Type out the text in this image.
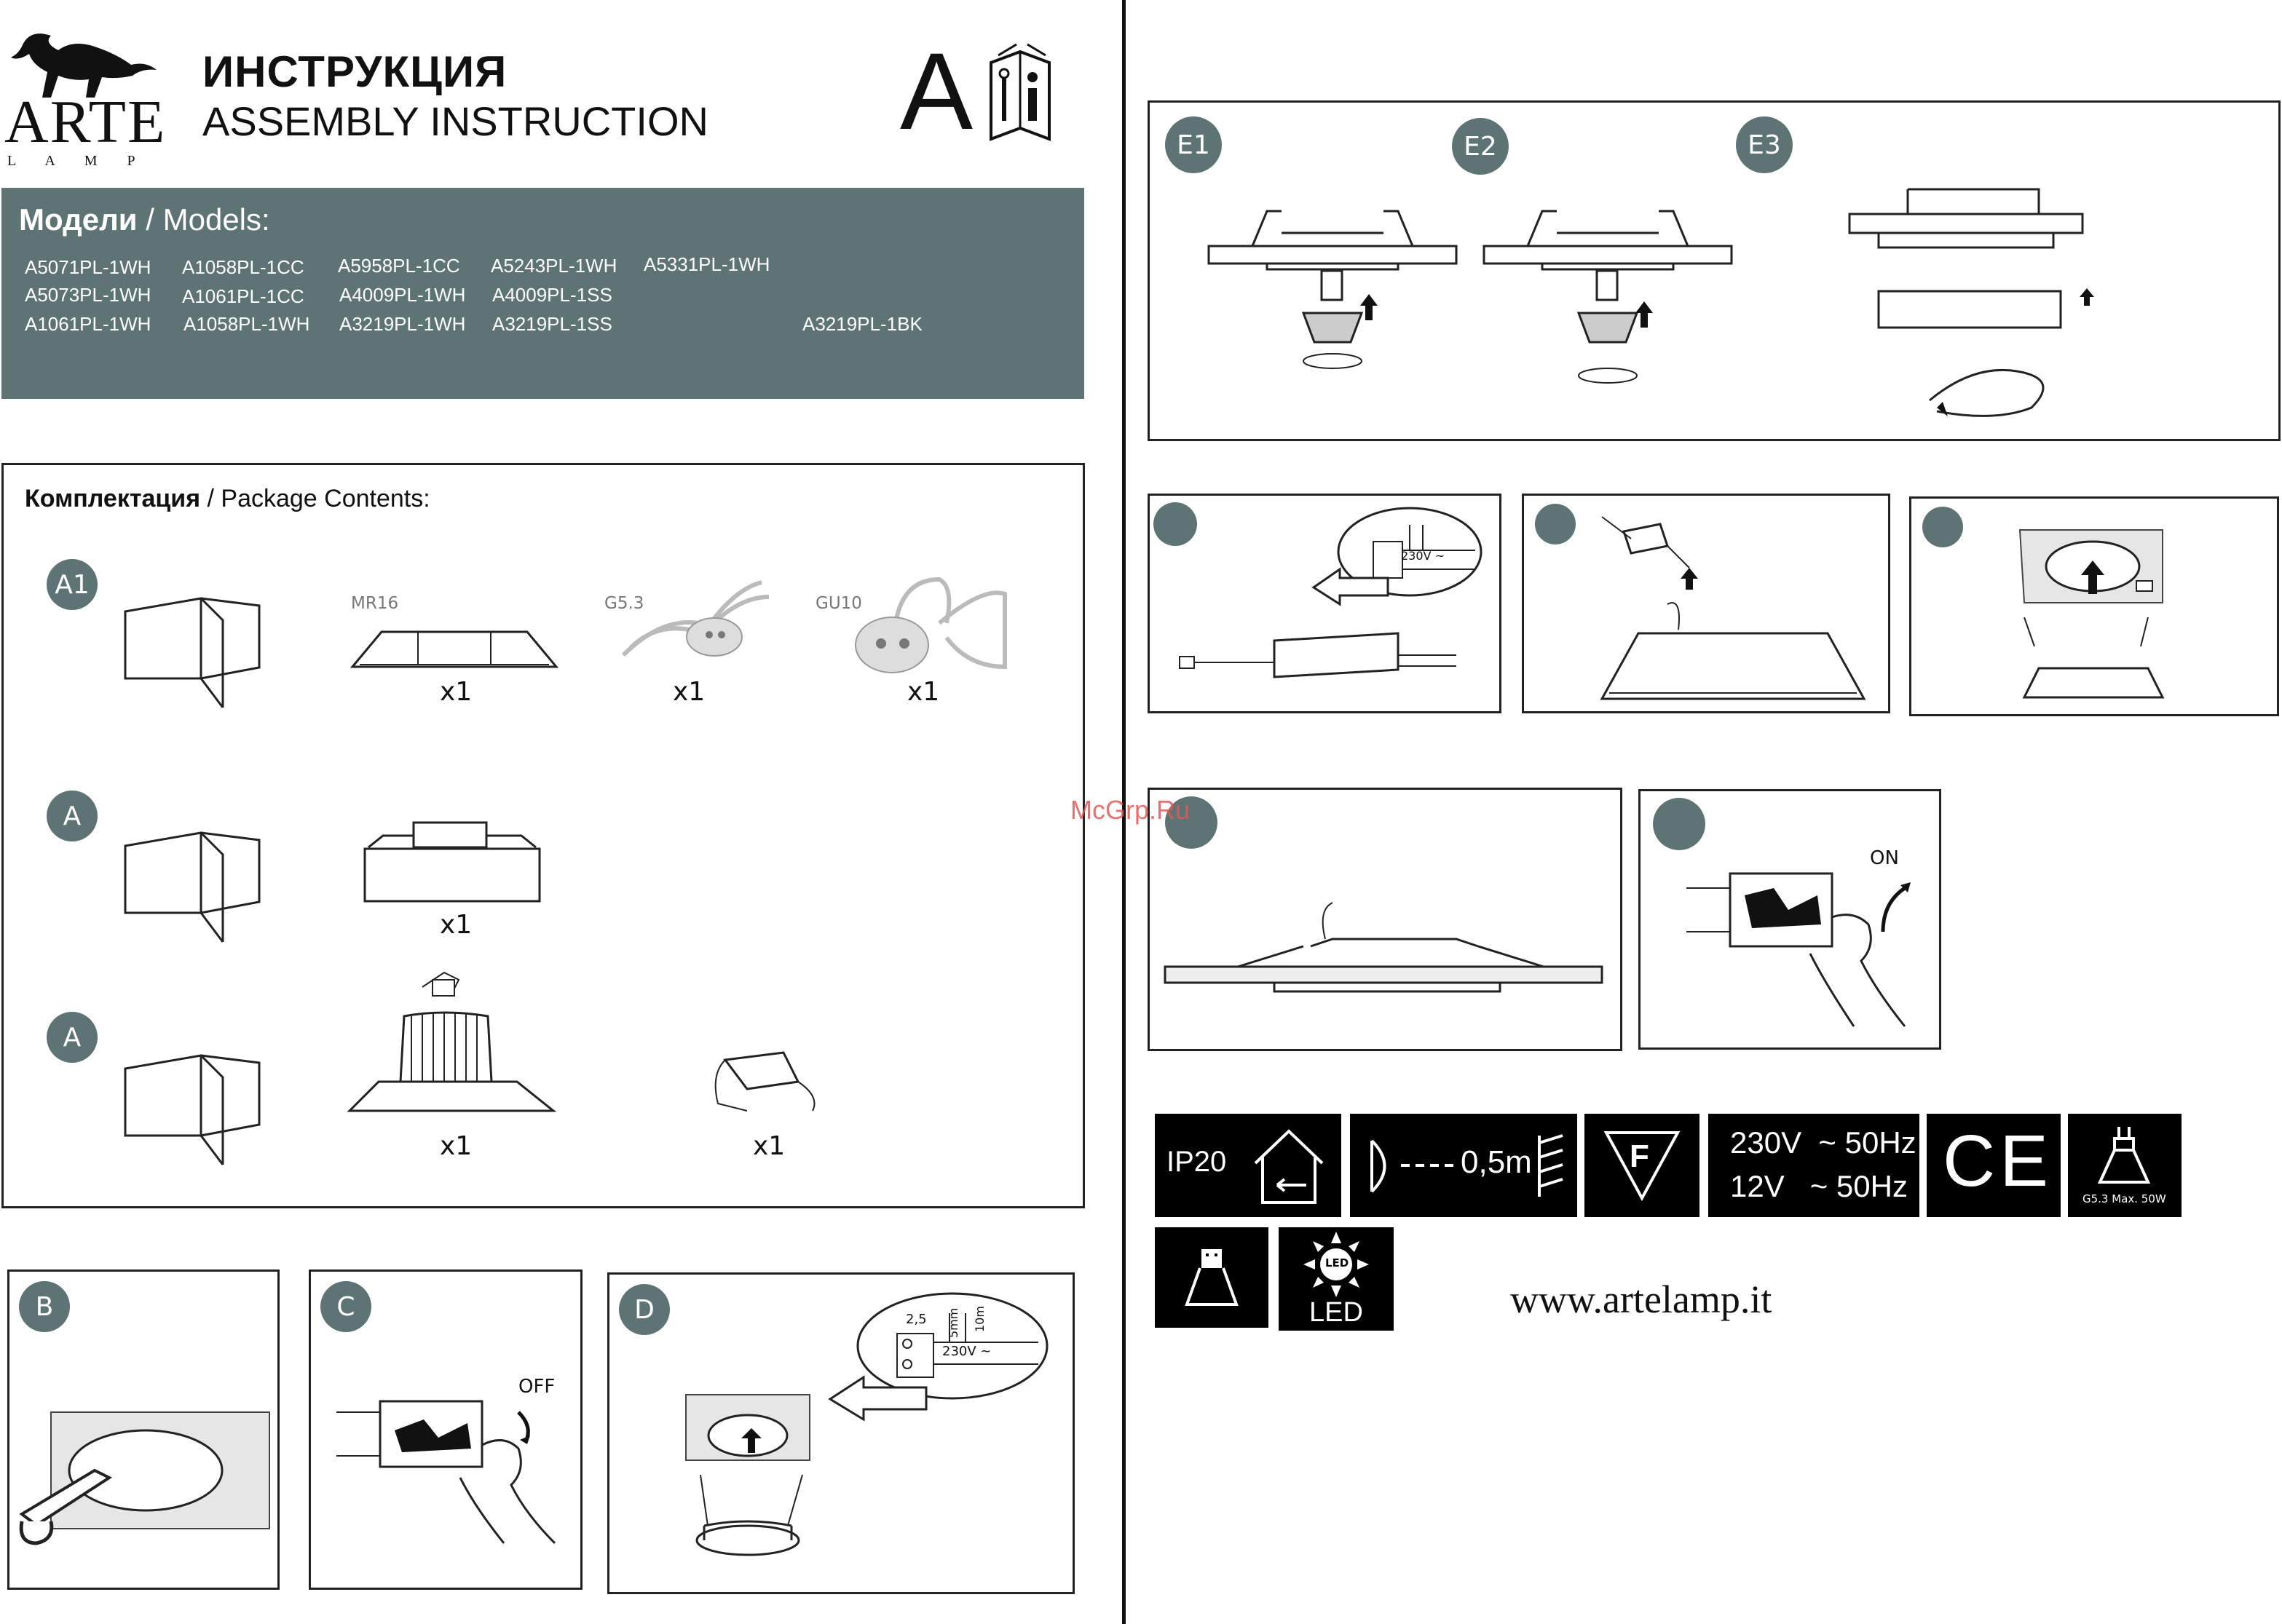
ARTE
L A M P
ИНСТРУКЦИЯ
ASSEMBLY INSTRUCTION A
Модели / Models:
A5071PL-1WH A1058PL-1CC A5958PL-1CC A5243PL-1WH A5331PL-1WH
A5073PL-1WH A1061PL-1CC A4009PL-1WH A4009PL-1SS
A1061PL-1WH A1058PL-1WH A3219PL-1WH A3219PL-1SS	A3219PL-1BK
Комплектация / Package Contents:
A1
MR16
x1
G5.3
x1
GU10
x1
A
x1
A
x1	x1
B	C
OFF
D	2,5 5mm 10m
230V ~
E1	E2	E3
230V ~
McGrp.Ru
ON
IP20	0,5m	F	230V  ~ 50Hz
12V   ~ 50Hz CE	G5.3 Max. 50W
LED
LED	www.artelamp.it
